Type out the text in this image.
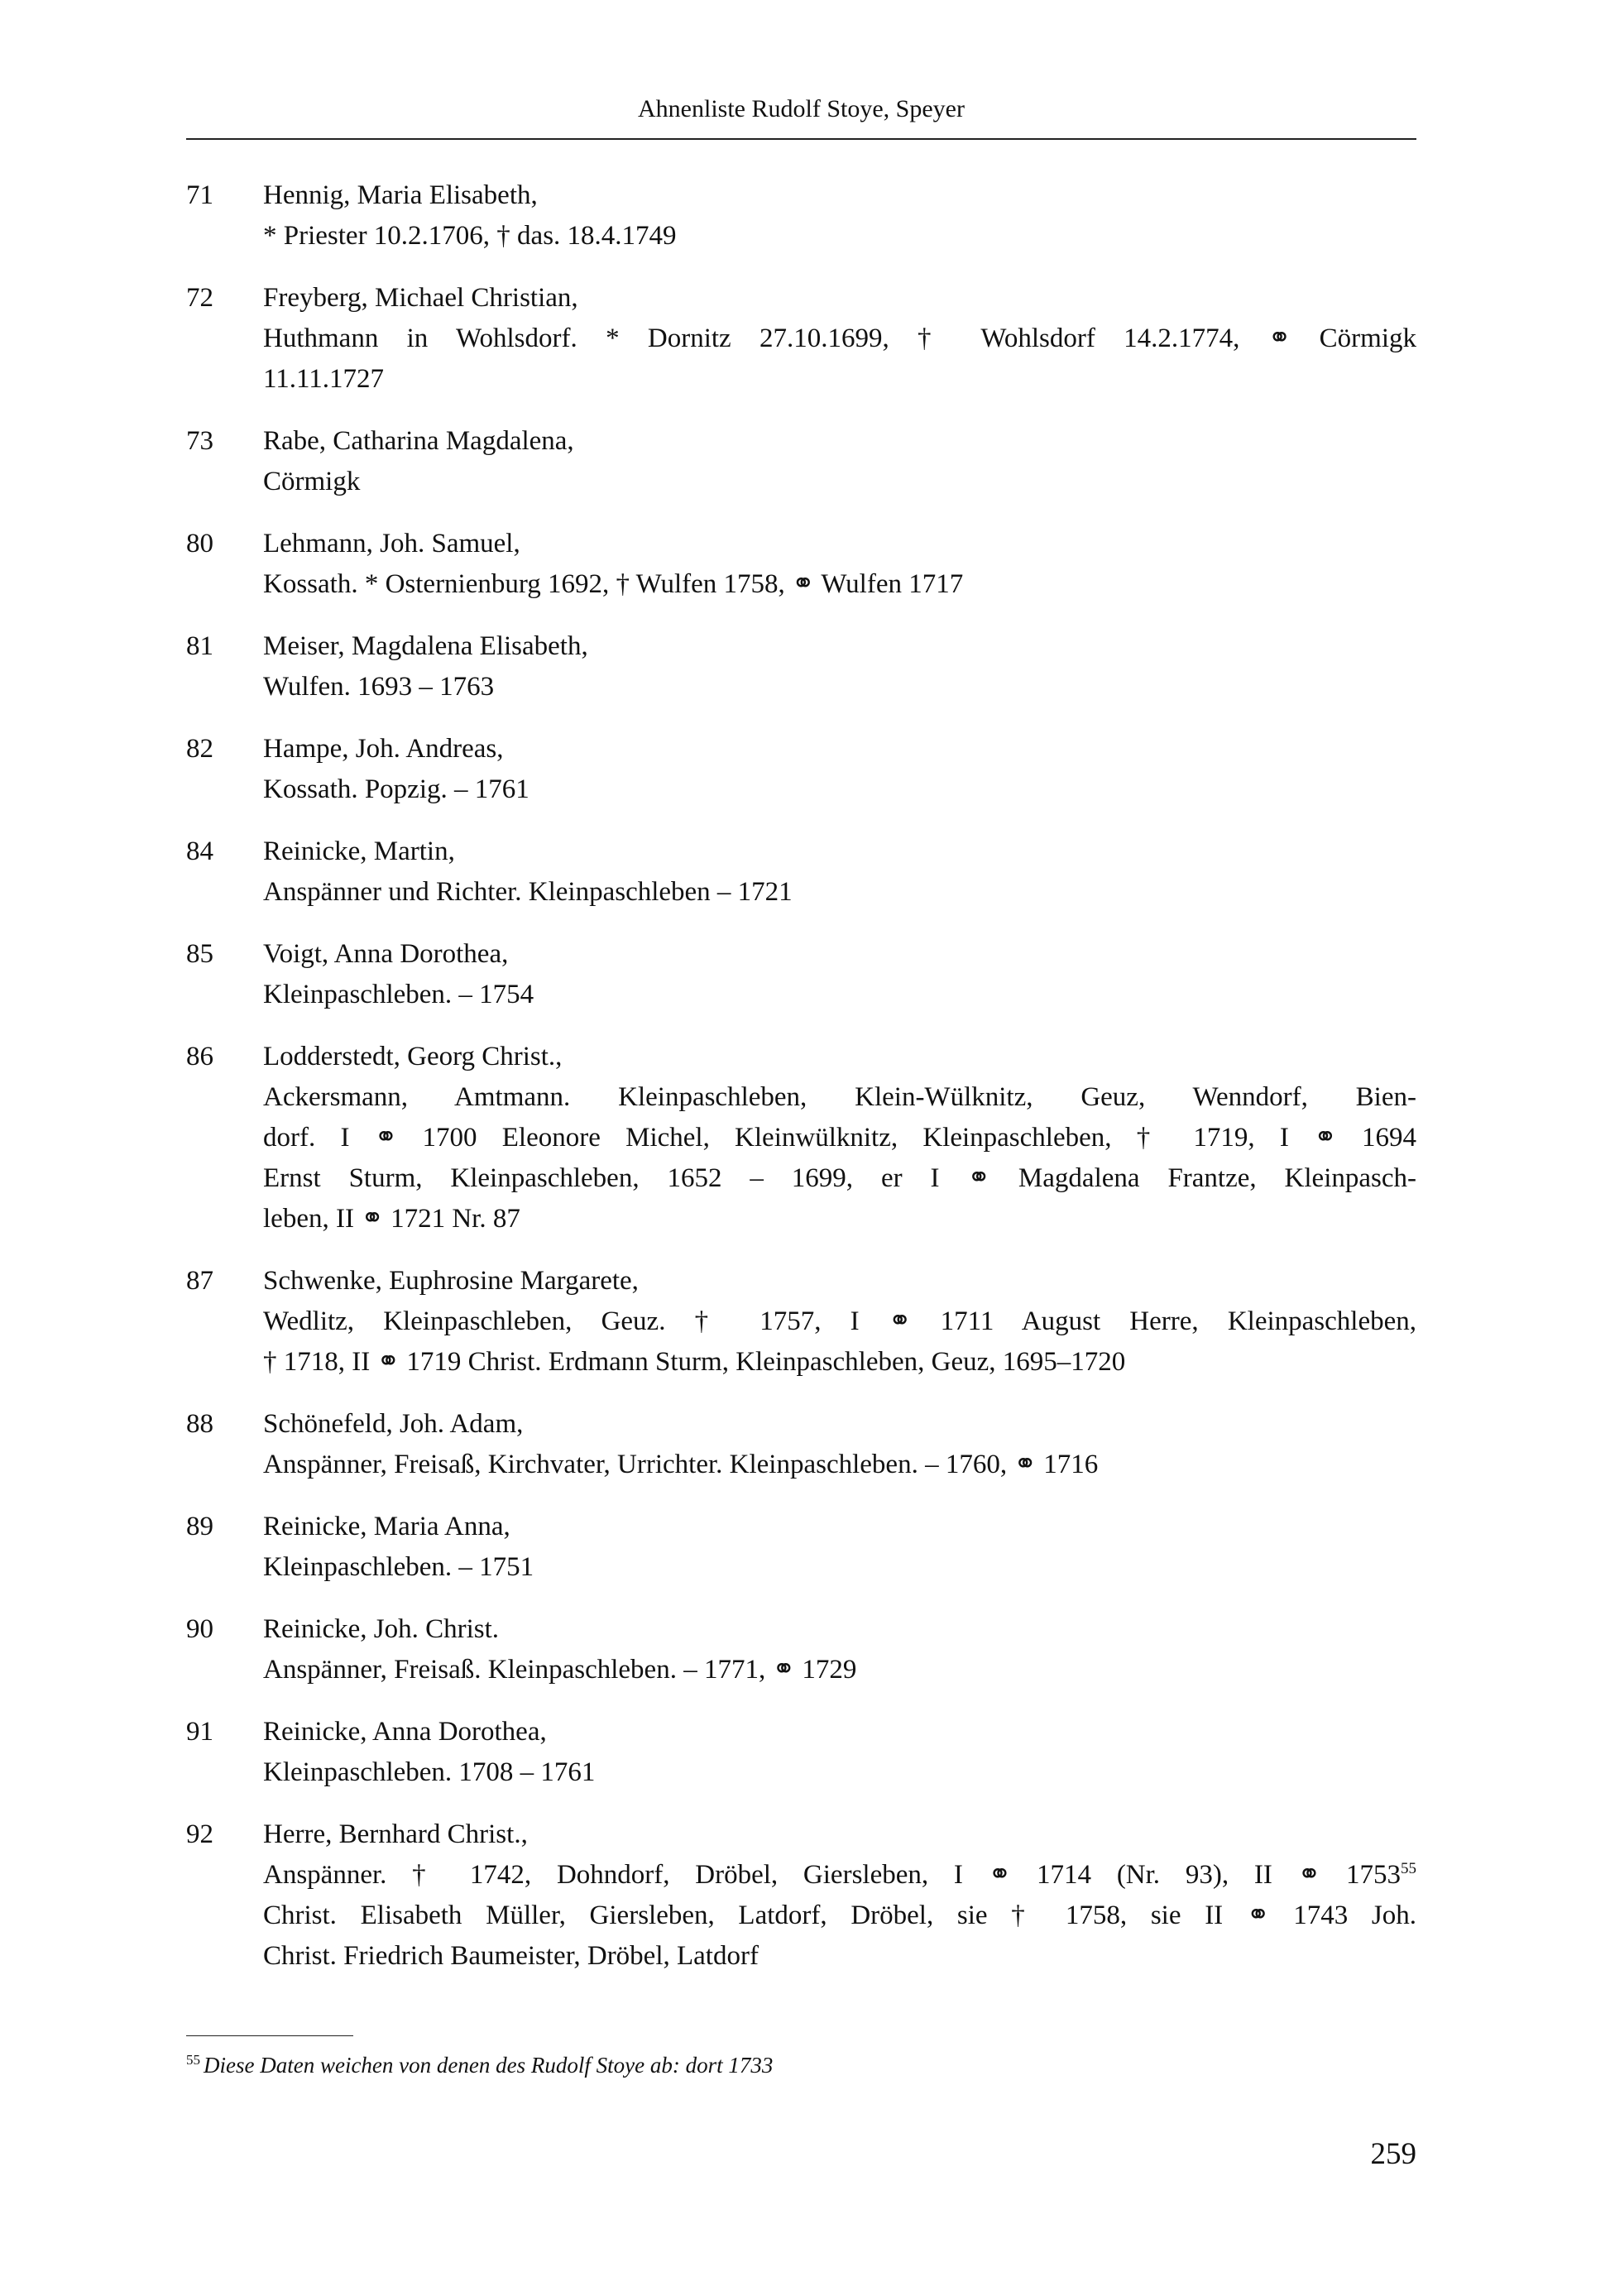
Ahnenliste Rudolf Stoye, Speyer
71 Hennig, Maria Elisabeth,
* Priester 10.2.1706, † das. 18.4.1749
72 Freyberg, Michael Christian,
Huthmann in Wohlsdorf. * Dornitz 27.10.1699, † Wohlsdorf 14.2.1774, ⚭ Cörmigk
11.11.1727
73 Rabe, Catharina Magdalena,
Cörmigk
80 Lehmann, Joh. Samuel,
Kossath. * Osternienburg 1692, † Wulfen 1758, ⚭ Wulfen 1717
81 Meiser, Magdalena Elisabeth,
Wulfen. 1693 – 1763
82 Hampe, Joh. Andreas,
Kossath. Popzig. – 1761
84 Reinicke, Martin,
Anspänner und Richter. Kleinpaschleben – 1721
85 Voigt, Anna Dorothea,
Kleinpaschleben. – 1754
86 Lodderstedt, Georg Christ.,
Ackersmann, Amtmann. Kleinpaschleben, Klein-Wülknitz, Geuz, Wenndorf, Bien-
dorf. I ⚭ 1700 Eleonore Michel, Kleinwülknitz, Kleinpaschleben, † 1719, I ⚭ 1694
Ernst Sturm, Kleinpaschleben, 1652 – 1699, er I ⚭ Magdalena Frantze, Kleinpasch-
leben, II ⚭ 1721 Nr. 87
87 Schwenke, Euphrosine Margarete,
Wedlitz, Kleinpaschleben, Geuz. † 1757, I ⚭ 1711 August Herre, Kleinpaschleben,
† 1718, II ⚭ 1719 Christ. Erdmann Sturm, Kleinpaschleben, Geuz, 1695–1720
88 Schönefeld, Joh. Adam,
Anspänner, Freisaß, Kirchvater, Urrichter. Kleinpaschleben. – 1760, ⚭ 1716
89 Reinicke, Maria Anna,
Kleinpaschleben. – 1751
90 Reinicke, Joh. Christ.
Anspänner, Freisaß. Kleinpaschleben. – 1771, ⚭ 1729
91 Reinicke, Anna Dorothea,
Kleinpaschleben. 1708 – 1761
92 Herre, Bernhard Christ.,
Anspänner. † 1742, Dohndorf, Dröbel, Giersleben, I ⚭ 1714 (Nr. 93), II ⚭ 1753$^{55}$
Christ. Elisabeth Müller, Giersleben, Latdorf, Dröbel, sie † 1758, sie II ⚭ 1743 Joh.
Christ. Friedrich Baumeister, Dröbel, Latdorf
$^{55}$ Diese Daten weichen von denen des Rudolf Stoye ab: dort 1733
259
